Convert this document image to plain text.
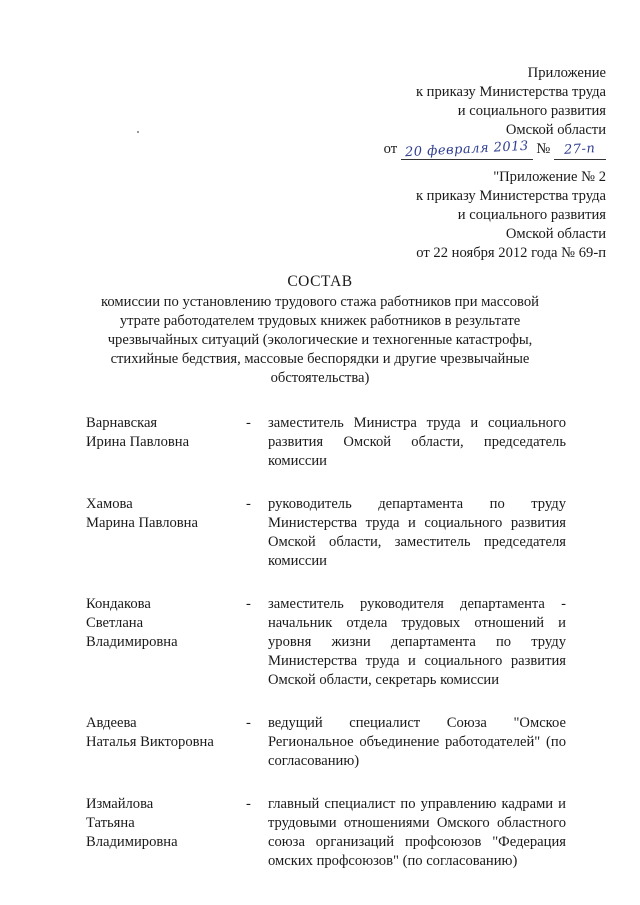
Приложение
к приказу Министерства труда
и социального развития
Омской области
от 20 февраля 2013 № 27-п
"Приложение № 2
к приказу Министерства труда
и социального развития
Омской области
от 22 ноября 2012 года № 69-п
СОСТАВ
комиссии по установлению трудового стажа работников при массовой утрате работодателем трудовых книжек работников в результате чрезвычайных ситуаций (экологические и техногенные катастрофы, стихийные бедствия, массовые беспорядки и другие чрезвычайные обстоятельства)
Варнавская
Ирина Павловна
-	заместитель Министра труда и социального развития Омской области, председатель комиссии
Хамова
Марина Павловна
-	руководитель департамента по труду Министерства труда и социального развития Омской области, заместитель председателя комиссии
Кондакова
Светлана
Владимировна
-	заместитель руководителя департамента - начальник отдела трудовых отношений и уровня жизни департамента по труду Министерства труда и социального развития Омской области, секретарь комиссии
Авдеева
Наталья Викторовна
-	ведущий специалист Союза "Омское Региональное объединение работодателей" (по согласованию)
Измайлова
Татьяна
Владимировна
-	главный специалист по управлению кадрами и трудовыми отношениями Омского областного союза организаций профсоюзов "Федерация омских профсоюзов" (по согласованию)
